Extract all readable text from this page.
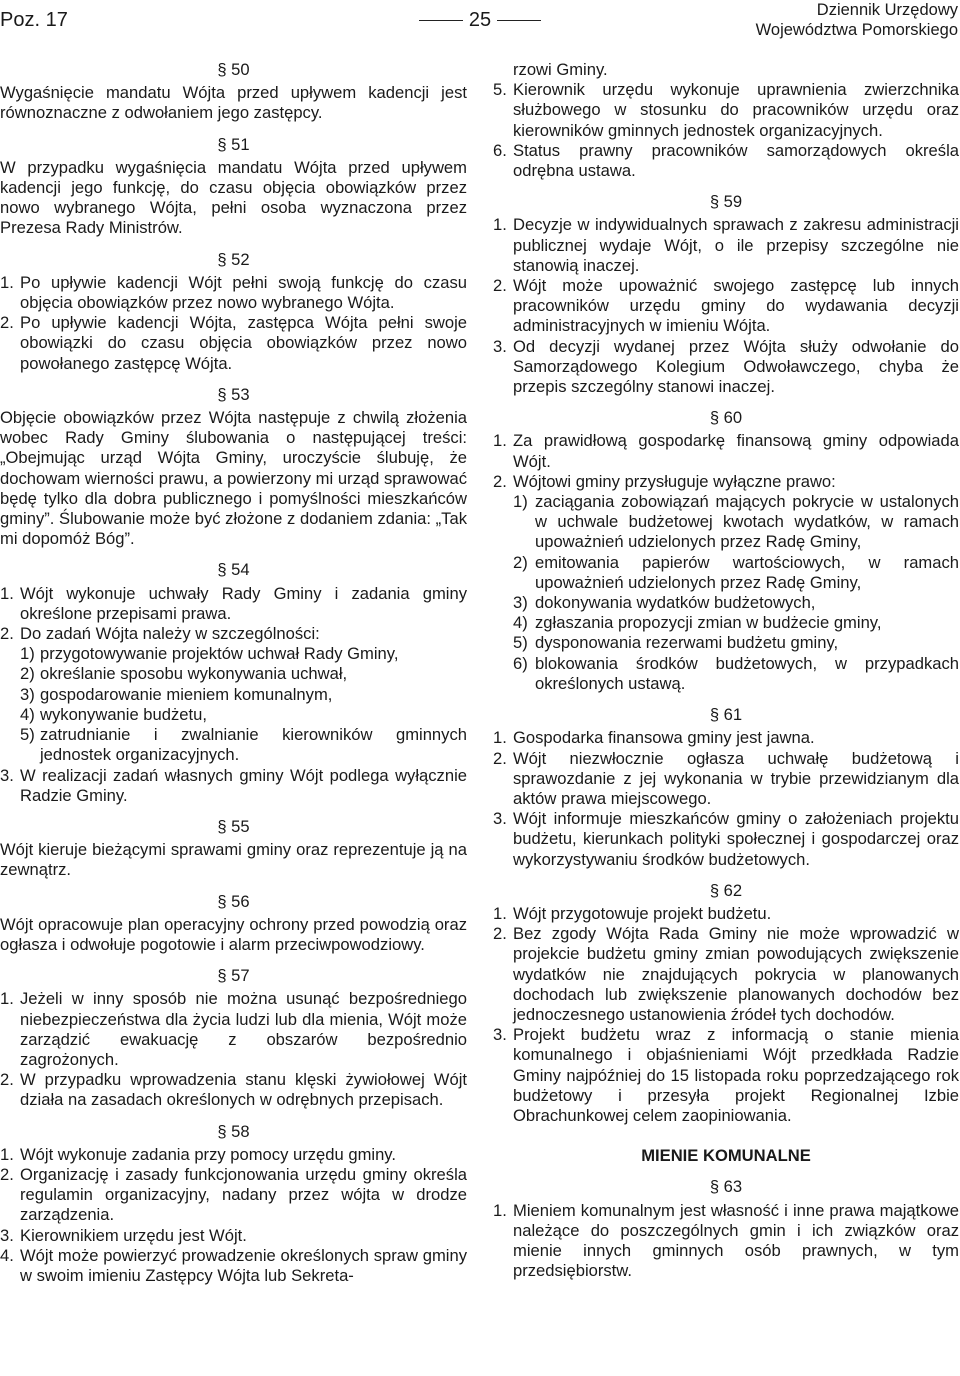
Poz. 17	25	Dziennik Urzędowy
Województwa Pomorskiego
§ 50

Wygaśnięcie mandatu Wójta przed upływem kadencji jest równoznaczne z odwołaniem jego zastępcy.

§ 51

W przypadku wygaśnięcia mandatu Wójta przed upływem kadencji jego funkcję, do czasu objęcia obowiązków przez nowo wybranego Wójta, pełni osoba wyznaczona przez Prezesa Rady Ministrów.

§ 52
1. Po upływie kadencji Wójt pełni swoją funkcję do czasu objęcia obowiązków przez nowo wybranego Wójta.
2. Po upływie kadencji Wójta, zastępca Wójta pełni swoje obowiązki do czasu objęcia obowiązków przez nowo powołanego zastępcę Wójta.
§ 53

Objęcie obowiązków przez Wójta następuje z chwilą złożenia wobec Rady Gminy ślubowania o następującej treści: „Obejmując urząd Wójta Gminy, uroczyście ślubuję, że dochowam wierności prawu, a powierzony mi urząd sprawować będę tylko dla dobra publicznego i pomyślności mieszkańców gminy”. Ślubowanie może być złożone z dodaniem zdania: „Tak mi dopomóż Bóg”.

§ 54
1. Wójt wykonuje uchwały Rady Gminy i zadania gminy określone przepisami prawa.
2. Do zadań Wójta należy w szczególności:
1) przygotowywanie projektów uchwał Rady Gminy,
2) określanie sposobu wykonywania uchwał,
3) gospodarowanie mieniem komunalnym,
4) wykonywanie budżetu,
5) zatrudnianie i zwalnianie kierowników gminnych jednostek organizacyjnych.
3. W realizacji zadań własnych gminy Wójt podlega wyłącznie Radzie Gminy.
§ 55

Wójt kieruje bieżącymi sprawami gminy oraz reprezentuje ją na zewnątrz.

§ 56

Wójt opracowuje plan operacyjny ochrony przed powodzią oraz ogłasza i odwołuje pogotowie i alarm przeciwpowodziowy.

§ 57
1. Jeżeli w inny sposób nie można usunąć bezpośredniego niebezpieczeństwa dla życia ludzi lub dla mienia, Wójt może zarządzić ewakuację z obszarów bezpośrednio zagrożonych.
2. W przypadku wprowadzenia stanu klęski żywiołowej Wójt działa na zasadach określonych w odrębnych przepisach.
§ 58
1. Wójt wykonuje zadania przy pomocy urzędu gminy.
2. Organizację i zasady funkcjonowania urzędu gminy określa regulamin organizacyjny, nadany przez wójta w drodze zarządzenia.
3. Kierownikiem urzędu jest Wójt.
4. Wójt może powierzyć prowadzenie określonych spraw gminy w swoim imieniu Zastępcy Wójta lub Sekreta-
rzowi Gminy.
5. Kierownik urzędu wykonuje uprawnienia zwierzchnika służbowego w stosunku do pracowników urzędu oraz kierowników gminnych jednostek organizacyjnych.
6. Status prawny pracowników samorządowych określa odrębna ustawa.
§ 59
1. Decyzje w indywidualnych sprawach z zakresu administracji publicznej wydaje Wójt, o ile przepisy szczególne nie stanowią inaczej.
2. Wójt może upoważnić swojego zastępcę lub innych pracowników urzędu gminy do wydawania decyzji administracyjnych w imieniu Wójta.
3. Od decyzji wydanej przez Wójta służy odwołanie do Samorządowego Kolegium Odwoławczego, chyba że przepis szczególny stanowi inaczej.
§ 60
1. Za prawidłową gospodarkę finansową gminy odpowiada Wójt.
2. Wójtowi gminy przysługuje wyłączne prawo:
1) zaciągania zobowiązań mających pokrycie w ustalonych w uchwale budżetowej kwotach wydatków, w ramach upoważnień udzielonych przez Radę Gminy,
2) emitowania papierów wartościowych, w ramach upoważnień udzielonych przez Radę Gminy,
3) dokonywania wydatków budżetowych,
4) zgłaszania propozycji zmian w budżecie gminy,
5) dysponowania rezerwami budżetu gminy,
6) blokowania środków budżetowych, w przypadkach określonych ustawą.
§ 61
1. Gospodarka finansowa gminy jest jawna.
2. Wójt niezwłocznie ogłasza uchwałę budżetową i sprawozdanie z jej wykonania w trybie przewidzianym dla aktów prawa miejscowego.
3. Wójt informuje mieszkańców gminy o założeniach projektu budżetu, kierunkach polityki społecznej i gospodarczej oraz wykorzystywaniu środków budżetowych.
§ 62
1. Wójt przygotowuje projekt budżetu.
2. Bez zgody Wójta Rada Gminy nie może wprowadzić w projekcie budżetu gminy zmian powodujących zwiększenie wydatków nie znajdujących pokrycia w planowanych dochodach lub zwiększenie planowanych dochodów bez jednoczesnego ustanowienia źródeł tych dochodów.
3. Projekt budżetu wraz z informacją o stanie mienia komunalnego i objaśnieniami Wójt przedkłada Radzie Gminy najpóźniej do 15 listopada roku poprzedzającego rok budżetowy i przesyła projekt Regionalnej Izbie Obrachunkowej celem zaopiniowania.
MIENIE KOMUNALNE
§ 63
1. Mieniem komunalnym jest własność i inne prawa majątkowe należące do poszczególnych gmin i ich związków oraz mienie innych gminnych osób prawnych, w tym przedsiębiorstw.
